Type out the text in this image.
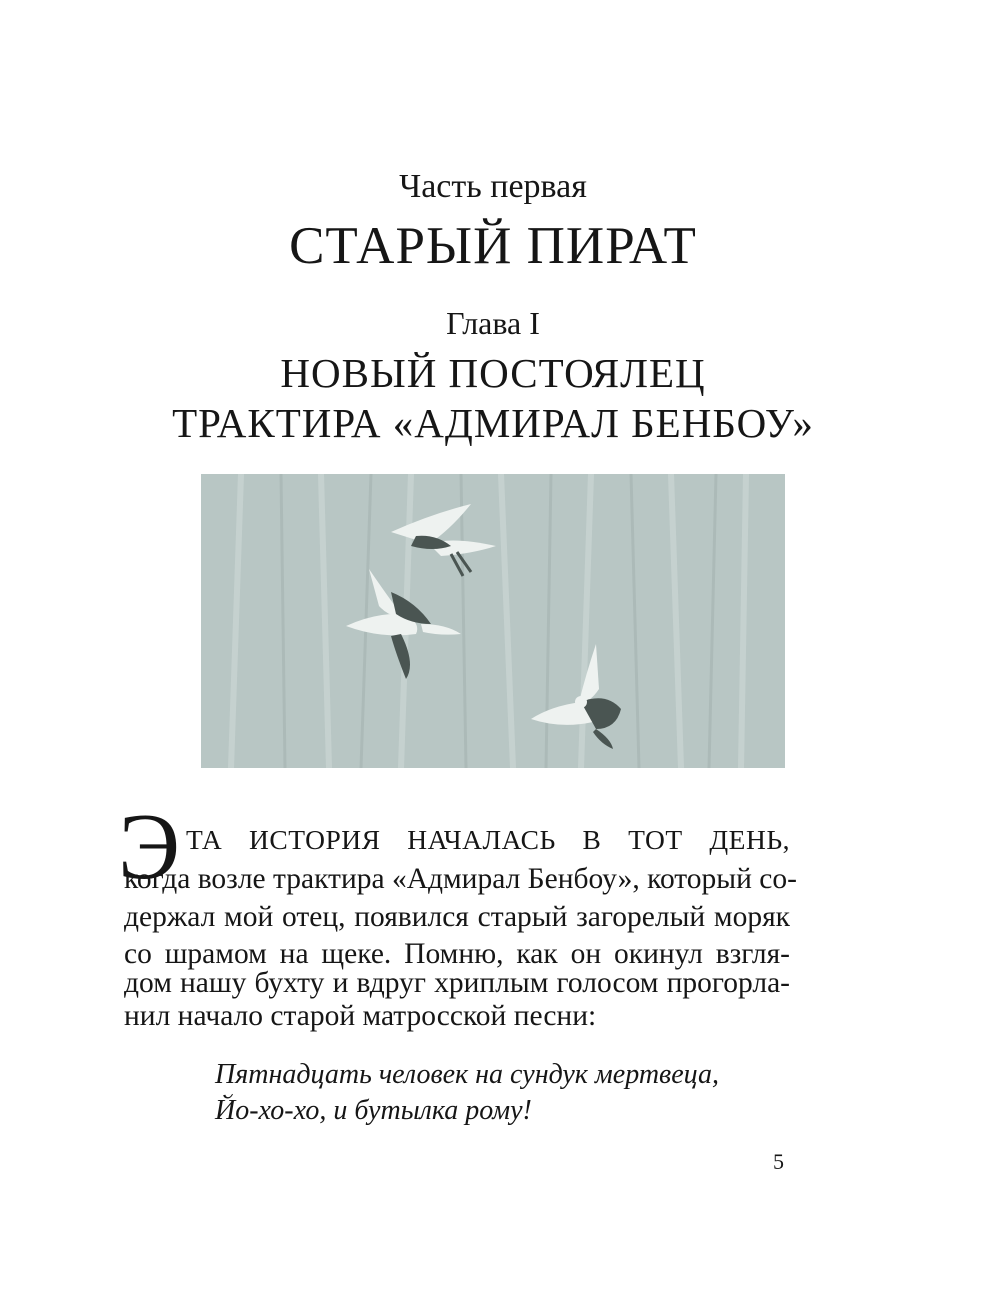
Часть первая
СТАРЫЙ ПИРАТ
Глава I
НОВЫЙ ПОСТОЯЛЕЦ
ТРАКТИРА «АДМИРАЛ БЕНБОУ»
Э ТА ИСТОРИЯ НАЧАЛАСЬ В ТОТ ДЕНЬ,
когда возле трактира «Адмирал Бенбоу», который со-
держал мой отец, появился старый загорелый моряк
со шрамом на щеке. Помню, как он окинул взгля-
дом нашу бухту и вдруг хриплым голосом прогорла-
нил начало старой матросской песни:
Пятнадцать человек на сундук мертвеца,
Йо-хо-хо, и бутылка рому!
5
